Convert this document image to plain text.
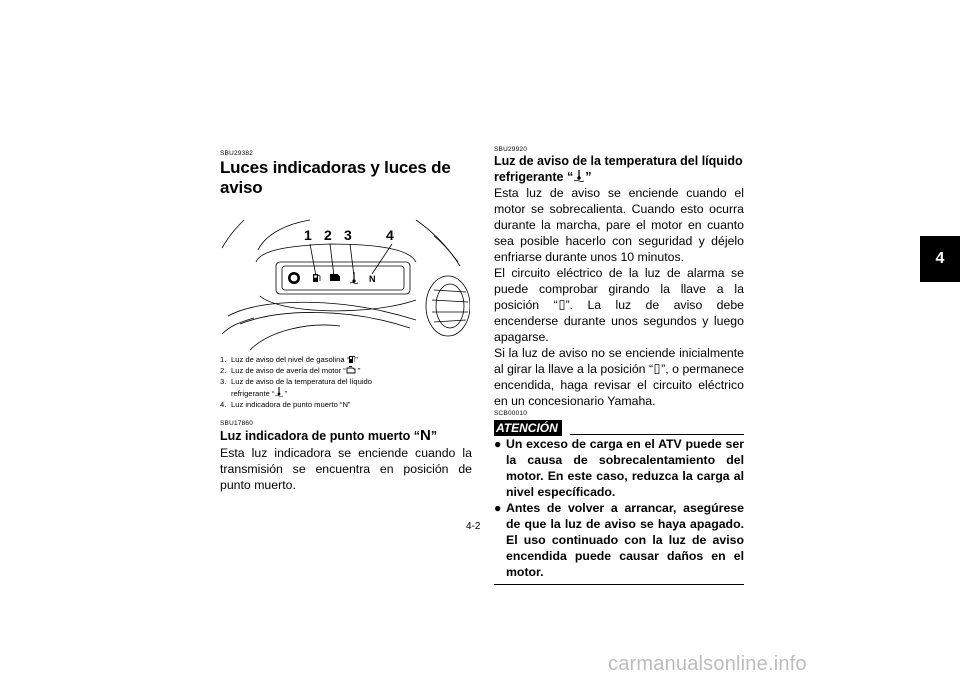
4
SBU29382
Luces indicadoras y luces de aviso
N
1 2 3 4
1. Luz de aviso del nivel de gasolina “ ”
2. Luz de aviso de avería del motor “ ”
3. Luz de aviso de la temperatura del líquido
refrigerante “ ”
4. Luz indicadora de punto muerto “N”
SBU17860
Luz indicadora de punto muerto “N”
Esta luz indicadora se enciende cuando la transmisión se encuentra en posición de punto muerto.
SBU29920
Luz de aviso de la temperatura del líquido
refrigerante “ ”
Esta luz de aviso se enciende cuando el motor se sobrecalienta. Cuando esto ocurra durante la marcha, pare el motor en cuanto sea posible hacerlo con seguridad y déjelo enfriarse durante unos 10 minutos.
El circuito eléctrico de la luz de alarma se puede comprobar girando la llave a la posición “ ”. La luz de aviso debe encenderse durante unos segundos y luego apagarse.
Si la luz de aviso no se enciende inicialmente al girar la llave a la posición “ ”, o permanece encendida, haga revisar el circuito eléctrico en un concesionario Yamaha.
SCB00010
ATENCIÓN
● Un exceso de carga en el ATV puede ser la causa de sobrecalentamiento del motor. En este caso, reduzca la carga al nivel específicado.
● Antes de volver a arrancar, asegúrese de que la luz de aviso se haya apagado. El uso continuado con la luz de aviso encendida puede causar daños en el motor.
4-2
carmanualsonline.info
